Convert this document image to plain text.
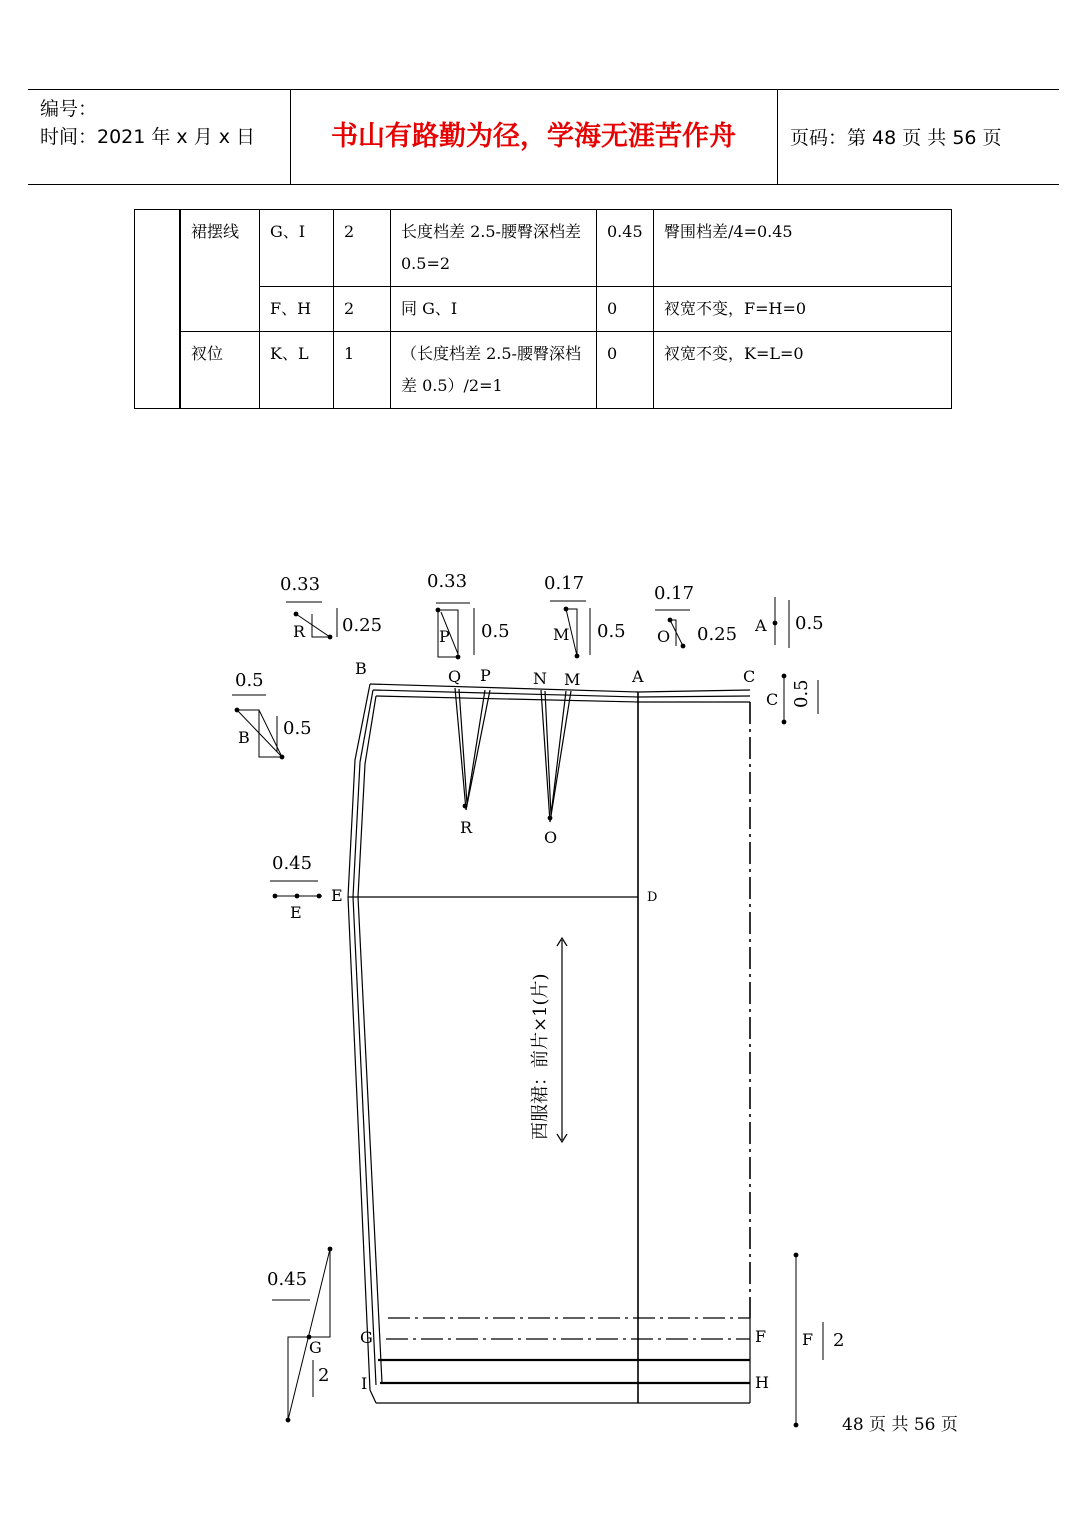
编号：
时间：2021 年 x 月 x 日	书山有路勤为径，学海无涯苦作舟	页码：第 48 页 共 56 页
	裙摆线	G、I	2	长度档差 2.5-腰臀深档差 0.5=2	0.45	臀围档差/4=0.45
		F、H	2	同 G、I	0	衩宽不变，F=H=0
	衩位	K、L	1	（长度档差 2.5-腰臀深档差 0.5）/2=1	0	衩宽不变，K=L=0
0.33
0.25
0.33
0.5
0.17
0.5
0.17
0.25
0.5
0.5
0.5
0.5
0.45
0.45
2
2
R	P	M	O
A
C
B
E
G	F
B	Q P	N M	A	C
R
O
E	D
G
I
F
H
西服裙：前片×1(片)
48 页 共 56 页
